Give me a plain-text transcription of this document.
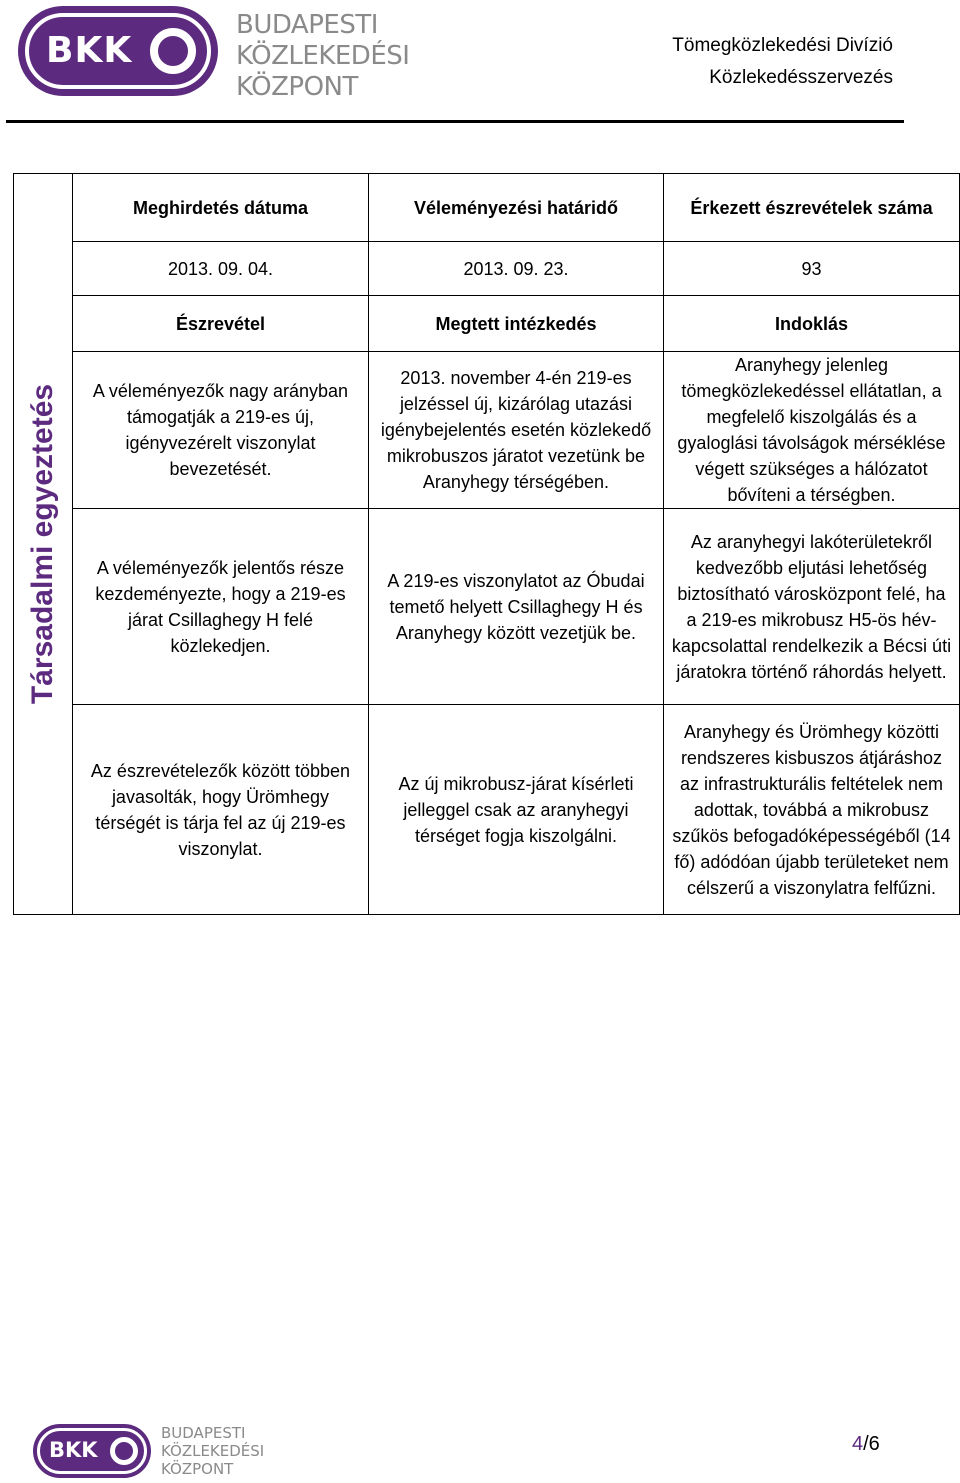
BKK
BUDAPESTI
KÖZLEKEDÉSI
KÖZPONT
Tömegközlekedési Divízió
Közlekedésszervezés
Társadalmi egyeztetés	Meghirdetés dátuma	Véleményezési határidő	Érkezett észrevételek száma
	2013. 09. 04.	2013. 09. 23.	93
	Észrevétel	Megtett intézkedés	Indoklás
	A véleményezők nagy arányban támogatják a 219-es új, igényvezérelt viszonylat bevezetését.	2013. november 4-én 219-es jelzéssel új, kizárólag utazási igénybejelentés esetén közlekedő mikrobuszos járatot vezetünk be Aranyhegy térségében.	Aranyhegy jelenleg tömegközlekedéssel ellátatlan, a megfelelő kiszolgálás és a gyaloglási távolságok mérséklése végett szükséges a hálózatot bővíteni a térségben.
	A véleményezők jelentős része kezdeményezte, hogy a 219-es járat Csillaghegy H felé közlekedjen.	A 219-es viszonylatot az Óbudai temető helyett Csillaghegy H és Aranyhegy között vezetjük be.	Az aranyhegyi lakóterületekről kedvezőbb eljutási lehetőség biztosítható városközpont felé, ha a 219-es mikrobusz H5-ös hév-kapcsolattal rendelkezik a Bécsi úti járatokra történő ráhordás helyett.
	Az észrevételezők között többen javasolták, hogy Ürömhegy térségét is tárja fel az új 219-es viszonylat.	Az új mikrobusz-járat kísérleti jelleggel csak az aranyhegyi térséget fogja kiszolgálni.	Aranyhegy és Ürömhegy közötti rendszeres kisbuszos átjáráshoz az infrastrukturális feltételek nem adottak, továbbá a mikrobusz szűkös befogadóképességéből (14 fő) adódóan újabb területeket nem célszerű a viszonylatra felfűzni.
BKK
BUDAPESTI
KÖZLEKEDÉSI
KÖZPONT
4/6
